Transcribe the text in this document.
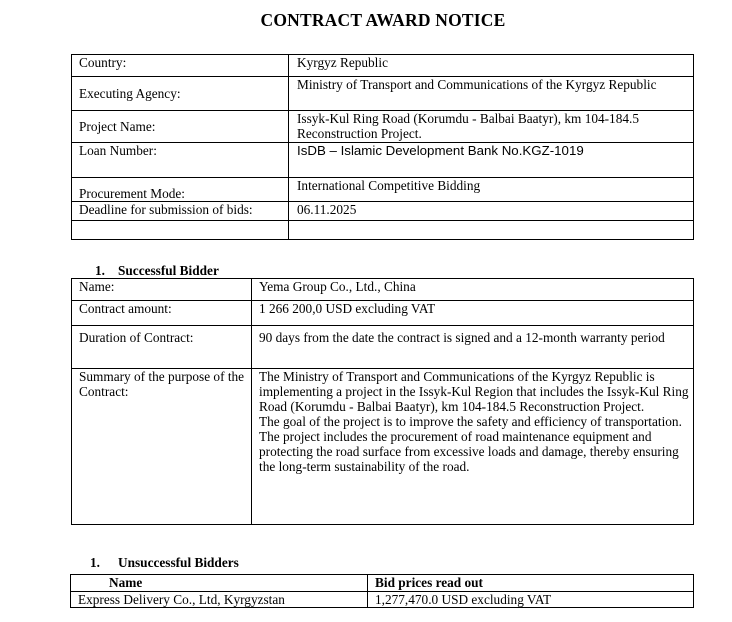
CONTRACT AWARD NOTICE
Country:	Kyrgyz Republic
Executing Agency:	Ministry of Transport and Communications of the Kyrgyz Republic
Project Name:	Issyk-Kul Ring Road (Korumdu - Balbai Baatyr), km 104-184.5 Reconstruction Project.
Loan Number:	IsDB – Islamic Development Bank No.KGZ-1019
Procurement Mode:	International Competitive Bidding
Deadline for submission of bids:	06.11.2025

1. Successful Bidder
Name:	Yema Group Co., Ltd., China
Contract amount:	1 266 200,0 USD excluding VAT
Duration of Contract:	90 days from the date the contract is signed and a 12-month warranty period
Summary of the purpose of the Contract:	The Ministry of Transport and Communications of the Kyrgyz Republic is implementing a project in the Issyk-Kul Region that includes the Issyk-Kul Ring Road (Korumdu - Balbai Baatyr), km 104-184.5 Reconstruction Project.
The goal of the project is to improve the safety and efficiency of transportation.
The project includes the procurement of road maintenance equipment and protecting the road surface from excessive loads and damage, thereby ensuring the long-term sustainability of the road.
1. Unsuccessful Bidders
Name	Bid prices read out
Express Delivery Co., Ltd, Kyrgyzstan	1,277,470.0 USD excluding VAT
